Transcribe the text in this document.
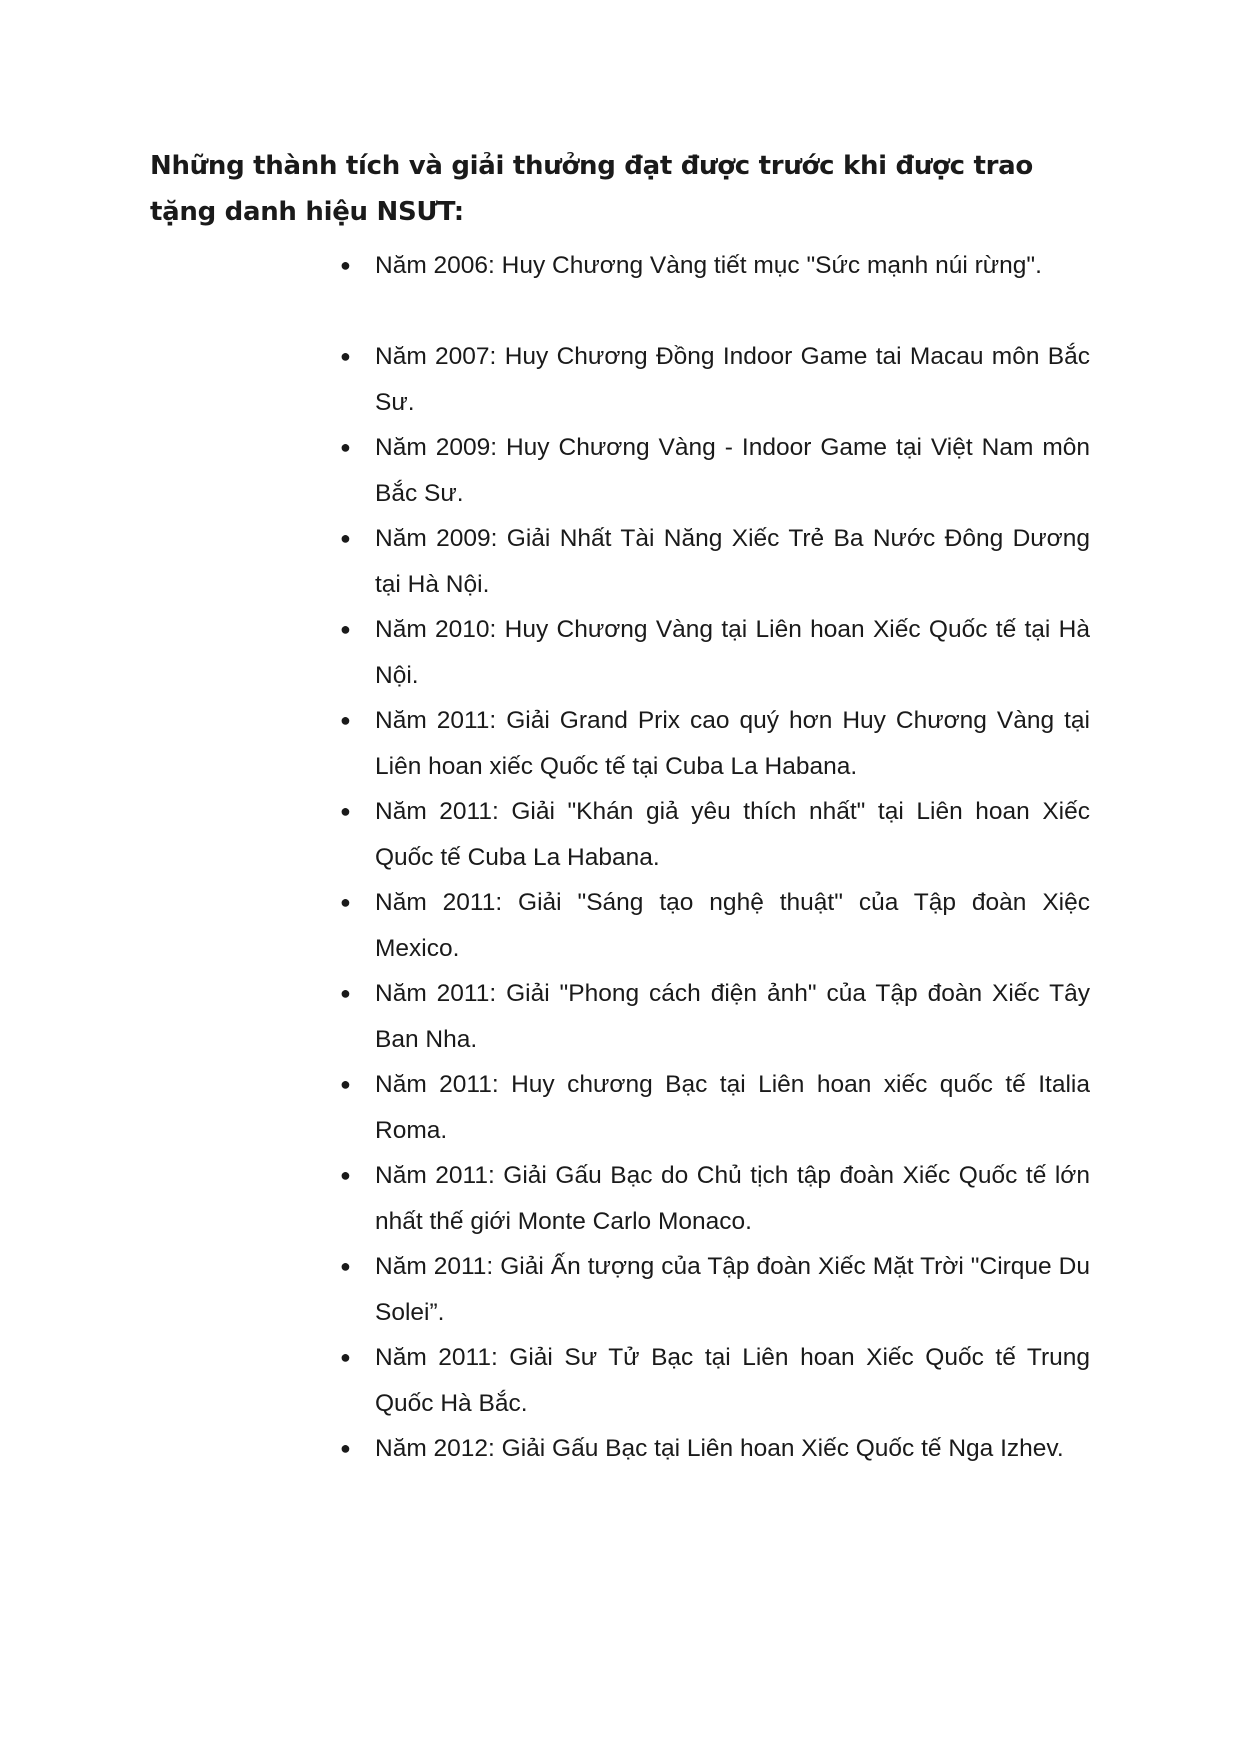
Những thành tích và giải thưởng đạt được trước khi được trao tặng danh hiệu NSƯT:
● Năm 2006: Huy Chương Vàng tiết mục "Sức mạnh núi rừng".
● Năm 2007: Huy Chương Đồng Indoor Game tai Macau môn Bắc Sư.
● Năm 2009: Huy Chương Vàng - Indoor Game tại Việt Nam môn Bắc Sư.
● Năm 2009: Giải Nhất Tài Năng Xiếc Trẻ Ba Nước Đông Dương tại Hà Nội.
● Năm 2010: Huy Chương Vàng tại Liên hoan Xiếc Quốc tế tại Hà Nội.
● Năm 2011: Giải Grand Prix cao quý hơn Huy Chương Vàng tại Liên hoan xiếc Quốc tế tại Cuba La Habana.
● Năm 2011: Giải "Khán giả yêu thích nhất" tại Liên hoan Xiếc Quốc tế Cuba La Habana.
● Năm 2011: Giải "Sáng tạo nghệ thuật" của Tập đoàn Xiệc Mexico.
● Năm 2011: Giải "Phong cách điện ảnh" của Tập đoàn Xiếc Tây Ban Nha.
● Năm 2011: Huy chương Bạc tại Liên hoan xiếc quốc tế Italia Roma.
● Năm 2011: Giải Gấu Bạc do Chủ tịch tập đoàn Xiếc Quốc tế lớn nhất thế giới Monte Carlo Monaco.
● Năm 2011: Giải Ấn tượng của Tập đoàn Xiếc Mặt Trời "Cirque Du Solei”.
● Năm 2011: Giải Sư Tử Bạc tại Liên hoan Xiếc Quốc tế Trung Quốc Hà Bắc.
● Năm 2012: Giải Gấu Bạc tại Liên hoan Xiếc Quốc tế Nga Izhev.
